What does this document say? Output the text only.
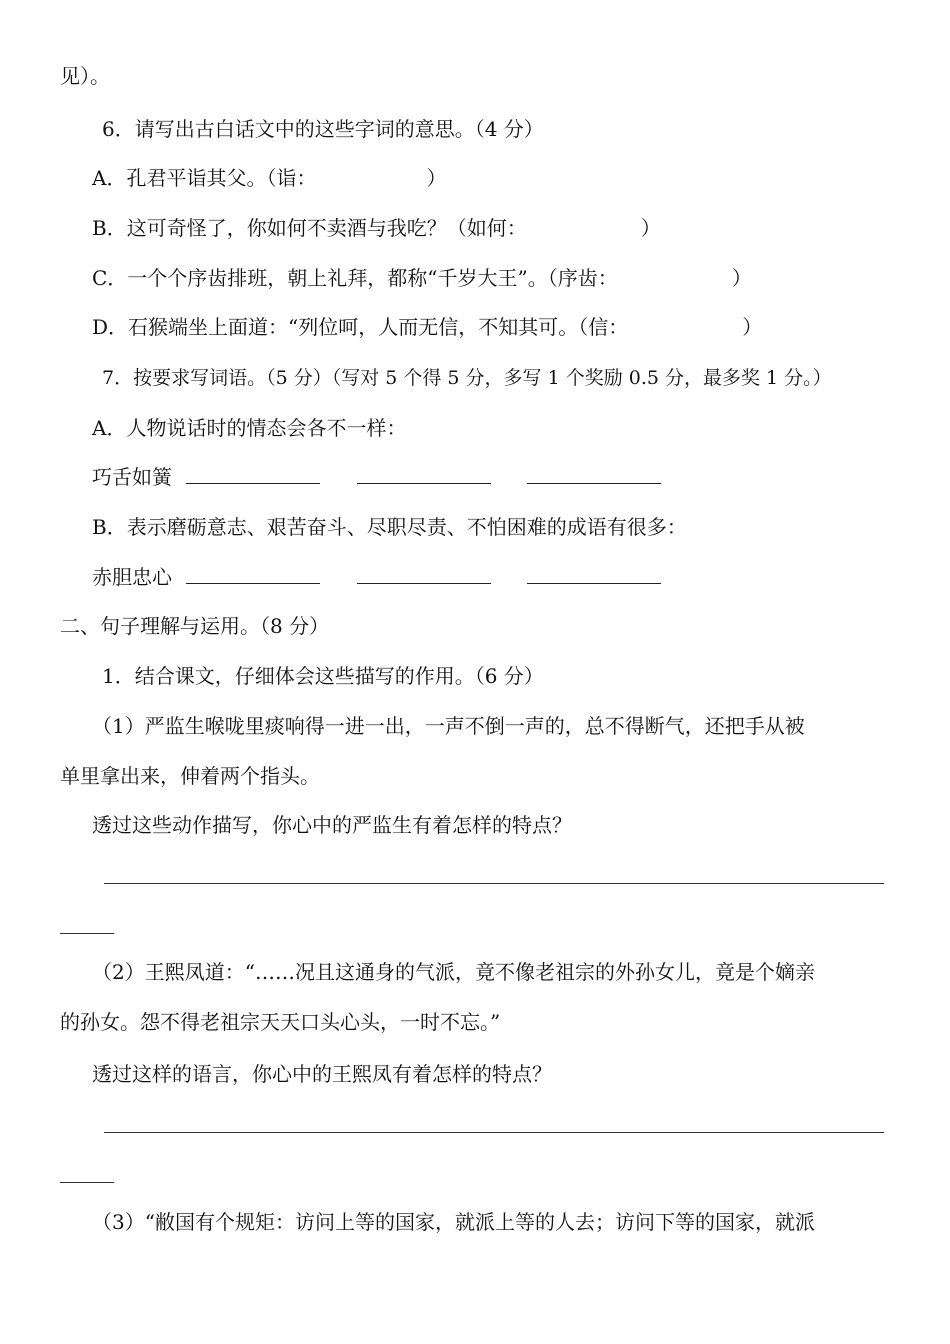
见）。
6．请写出古白话文中的这些字词的意思。（4 分）
A．孔君平诣其父。（诣：	）
B．这可奇怪了，你如何不卖酒与我吃？（如何：	）
C．一个个序齿排班，朝上礼拜，都称“千岁大王”。（序齿：	）
D．石猴端坐上面道：“列位呵，人而无信，不知其可。（信：	）
7．按要求写词语。（5 分）（写对 5 个得 5 分，多写 1 个奖励 0.5 分，最多奖 1 分。）
A．人物说话时的情态会各不一样：
巧舌如簧
B．表示磨砺意志、艰苦奋斗、尽职尽责、不怕困难的成语有很多：
赤胆忠心
二、句子理解与运用。（8 分）
1．结合课文，仔细体会这些描写的作用。（6 分）
（1）严监生喉咙里痰响得一进一出，一声不倒一声的，总不得断气，还把手从被
单里拿出来，伸着两个指头。
透过这些动作描写，你心中的严监生有着怎样的特点？
（2）王熙凤道：“……况且这通身的气派，竟不像老祖宗的外孙女儿，竟是个嫡亲
的孙女。怨不得老祖宗天天口头心头，一时不忘。”
透过这样的语言，你心中的王熙凤有着怎样的特点？
（3）“敝国有个规矩：访问上等的国家，就派上等的人去；访问下等的国家，就派
